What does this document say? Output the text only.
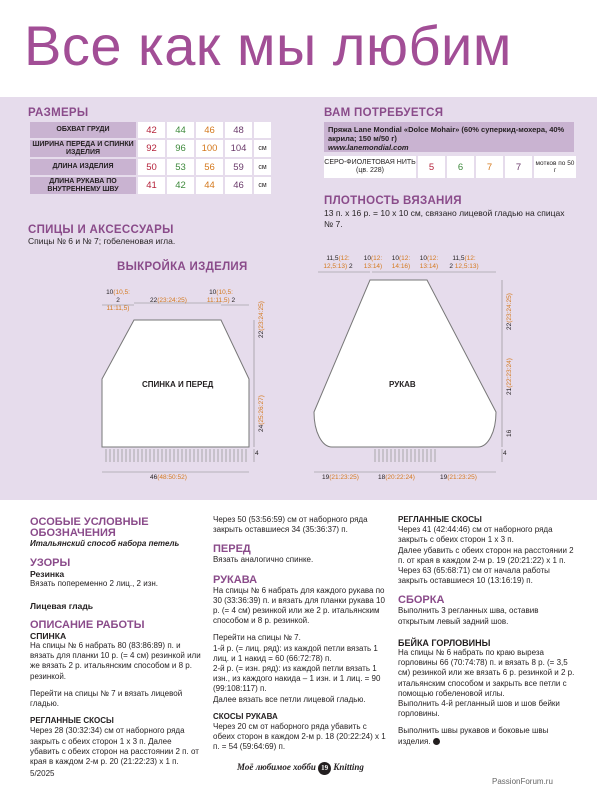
Все как мы любим
РАЗМЕРЫ
ОБХВАТ ГРУДИ	42	44	46	48	
ШИРИНА ПЕРЕДА И СПИНКИ ИЗДЕЛИЯ	92	96	100	104	см
ДЛИНА ИЗДЕЛИЯ	50	53	56	59	см
ДЛИНА РУКАВА ПО ВНУТРЕННЕМУ ШВУ	41	42	44	46	см
ВАМ ПОТРЕБУЕТСЯ
Пряжа Lane Mondial «Dolce Mohair» (60% суперкид-мохера, 40% акрила; 150 м/50 г)
www.lanemondial.com
СЕРО-ФИОЛЕТОВАЯ НИТЬ (цв. 228)	5	6	7	7	мотков по 50 г
ПЛОТНОСТЬ ВЯЗАНИЯ
13 п. х 16 р. = 10 х 10 см, связано лицевой гладью на спицах № 7.
СПИЦЫ И АКСЕССУАРЫ
Спицы № 6 и № 7; гобеленовая игла.
ВЫКРОЙКА ИЗДЕЛИЯ
СПИНКА И ПЕРЕД	РУКАВ
10(10,5:
2 11:11,5)
22(23:24:25)
10(10,5:
11:11,5) 2
46(48:50:52)
22(23:24:25)
24(25:26:27)
4
11,5(12:
12,5:13) 2
10(12:
13:14)
10(12:
14:16)
10(12:
13:14)
11,5(12:
2 12,5:13)
19(21:23:25)	18(20:22:24)	19(21:23:25)
22(23:24:25)
21(22:23:24)
16
4
ОСОБЫЕ УСЛОВНЫЕ ОБОЗНАЧЕНИЯ
Итальянский способ набора петель
УЗОРЫ
Резинка

Вязать попеременно 2 лиц., 2 изн.

Лицевая гладь
ОПИСАНИЕ РАБОТЫ
СПИНКА

На спицы № 6 набрать 80 (83:86:89) п. и вязать для планки 10 р. (= 4 см) резинкой или же вязать 2 р. итальянским способом и 8 р. резинкой.

Перейти на спицы № 7 и вязать лицевой гладью.

РЕГЛАННЫЕ СКОСЫ

Через 28 (30:32:34) см от наборного ряда закрыть с обеих сторон 1 х 3 п. Далее убавить с обеих сторон на расстоянии 2 п. от края в каждом 2-м р. 20 (21:22:23) х 1 п.

Через 50 (53:56:59) см от наборного ряда закрыть оставшиеся 34 (35:36:37) п.

ПЕРЕД

Вязать аналогично спинке.

РУКАВА

На спицы № 6 набрать для каждого рукава по 30 (33:36:39) п. и вязать для планки рукава 10 р. (= 4 см) резинкой или же 2 р. итальянским способом и 8 р. резинкой.

Перейти на спицы № 7.

1-й р. (= лиц. ряд): из каждой петли вязать 1 лиц. и 1 накид = 60 (66:72:78) п.

2-й р. (= изн. ряд): из каждой петли вязать 1 изн., из каждого накида – 1 изн. и 1 лиц. = 90 (99:108:117) п.

Далее вязать все петли лицевой гладью.

СКОСЫ РУКАВА

Через 20 см от наборного ряда убавить с обеих сторон в каждом 2-м р. 18 (20:22:24) х 1 п. = 54 (59:64:69) п.

РЕГЛАННЫЕ СКОСЫ

Через 41 (42:44:46) см от наборного ряда закрыть с обеих сторон 1 х 3 п.

Далее убавить с обеих сторон на расстоянии 2 п. от края в каждом 2-м р. 19 (20:21:22) х 1 п.

Через 63 (65:68:71) см от начала работы закрыть оставшиеся 10 (13:16:19) п.

СБОРКА

Выполнить 3 регланных шва, оставив открытым левый задний шов.

БЕЙКА ГОРЛОВИНЫ

На спицы № 6 набрать по краю выреза горловины 66 (70:74:78) п. и вязать 8 р. (= 3,5 см) резинкой или же вязать 6 р. резинкой и 2 р. итальянским способом и закрыть все петли с помощью гобеленовой иглы.

Выполнить 4-й регланный шов и шов бейки горловины.

Выполнить швы рукавов и боковые швы изделия.

5/2025
Моё любимое хобби 19 Knitting
PassionForum.ru
